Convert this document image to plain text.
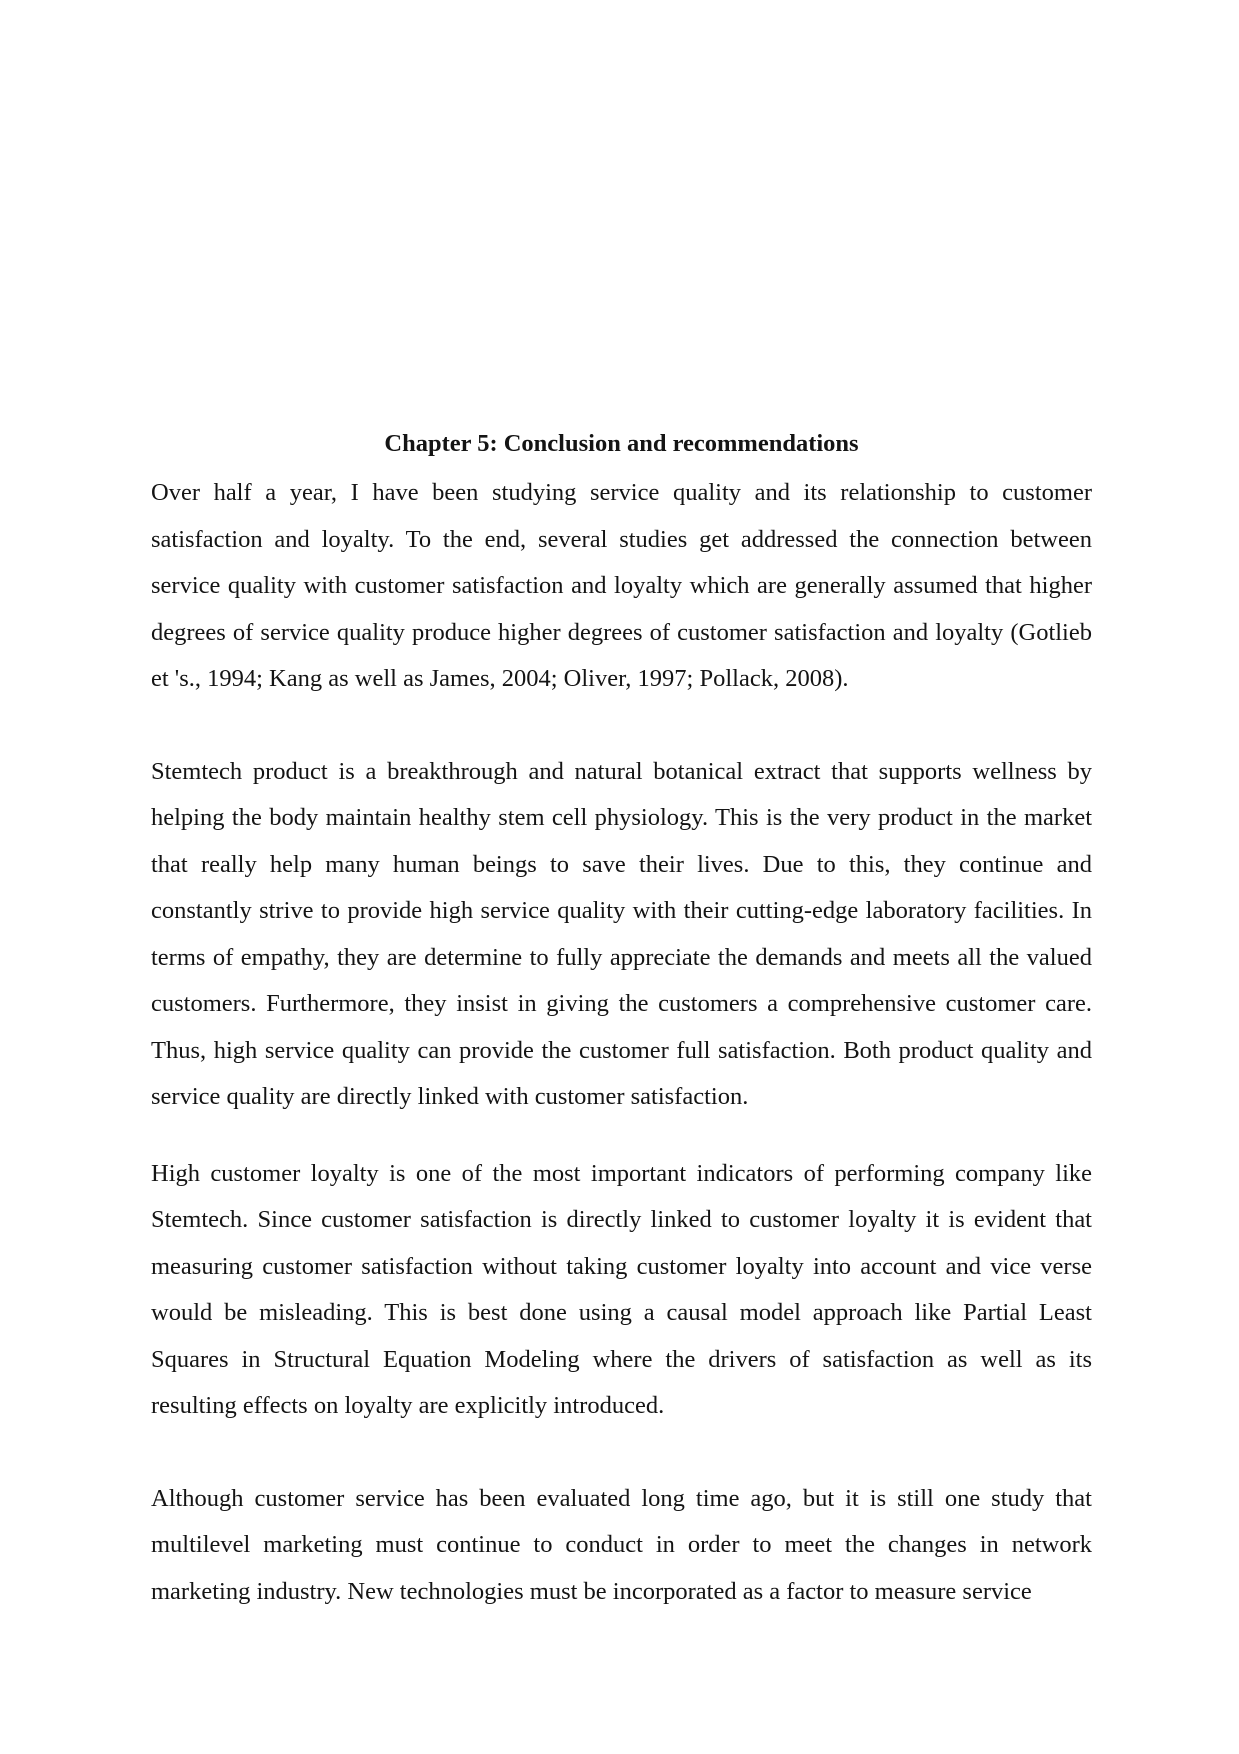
Chapter 5: Conclusion and recommendations

Over half a year, I have been studying service quality and its relationship to customer satisfaction and loyalty. To the end, several studies get addressed the connection between service quality with customer satisfaction and loyalty which are generally assumed that higher degrees of service quality produce higher degrees of customer satisfaction and loyalty (Gotlieb et 's., 1994; Kang as well as James, 2004; Oliver, 1997; Pollack, 2008).

Stemtech product is a breakthrough and natural botanical extract that supports wellness by helping the body maintain healthy stem cell physiology. This is the very product in the market that really help many human beings to save their lives. Due to this, they continue and constantly strive to provide high service quality with their cutting-edge laboratory facilities. In terms of empathy, they are determine to fully appreciate the demands and meets all the valued customers. Furthermore, they insist in giving the customers a comprehensive customer care. Thus, high service quality can provide the customer full satisfaction. Both product quality and service quality are directly linked with customer satisfaction.

High customer loyalty is one of the most important indicators of performing company like Stemtech. Since customer satisfaction is directly linked to customer loyalty it is evident that measuring customer satisfaction without taking customer loyalty into account and vice verse would be misleading. This is best done using a causal model approach like Partial Least Squares in Structural Equation Modeling where the drivers of satisfaction as well as its resulting effects on loyalty are explicitly introduced.

Although customer service has been evaluated long time ago, but it is still one study that multilevel marketing must continue to conduct in order to meet the changes in network marketing industry. New technologies must be incorporated as a factor to measure service
